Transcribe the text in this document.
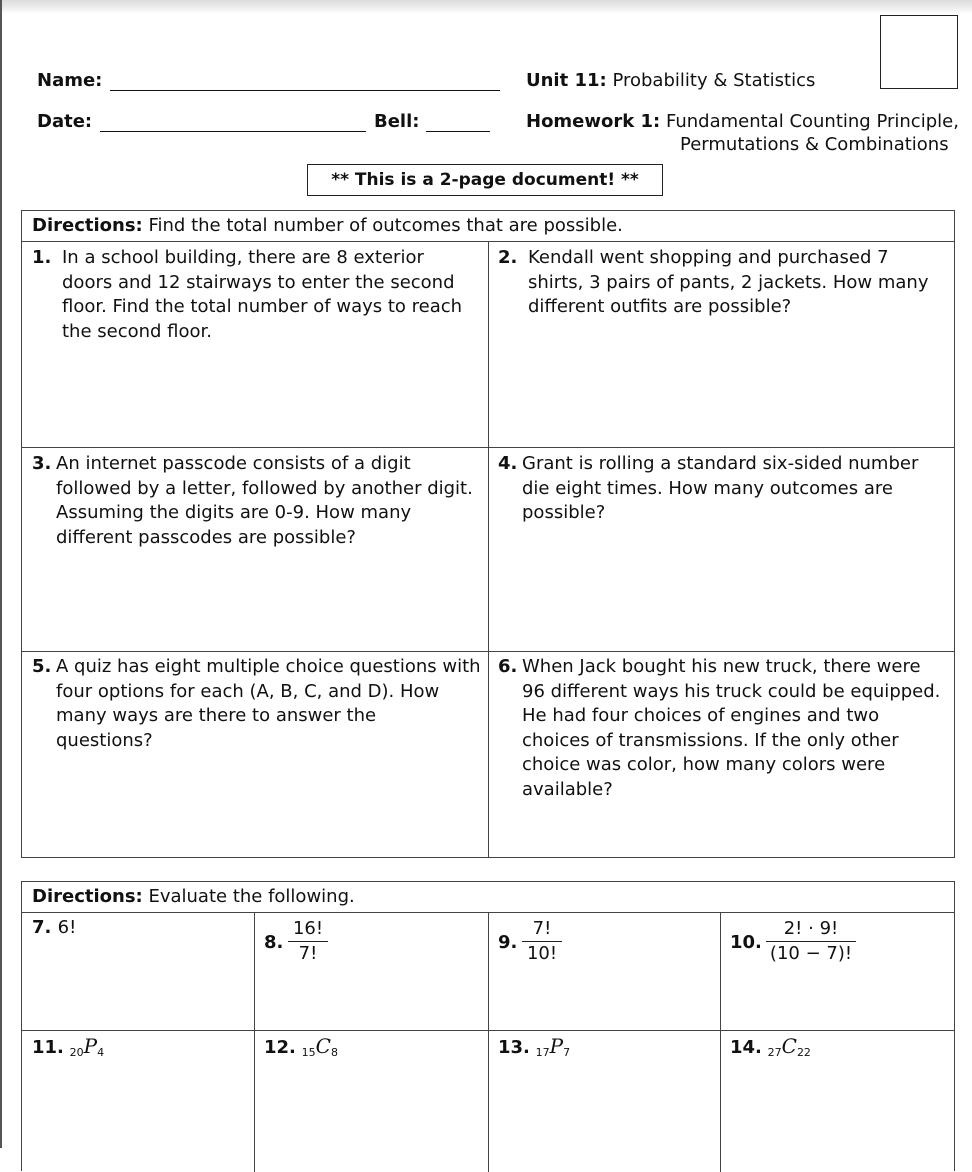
Name:
Date:	Bell:
Unit 11: Probability & Statistics
Homework 1: Fundamental Counting Principle,
Permutations & Combinations
** This is a 2-page document! **
Directions: Find the total number of outcomes that are possible.
1. In a school building, there are 8 exterior
doors and 12 stairways to enter the second
floor. Find the total number of ways to reach
the second floor.
2. Kendall went shopping and purchased 7
shirts, 3 pairs of pants, 2 jackets. How many
different outfits are possible?
3. An internet passcode consists of a digit
followed by a letter, followed by another digit.
Assuming the digits are 0-9. How many
different passcodes are possible?
4. Grant is rolling a standard six-sided number
die eight times. How many outcomes are
possible?
5. A quiz has eight multiple choice questions with
four options for each (A, B, C, and D). How
many ways are there to answer the
questions?
6. When Jack bought his new truck, there were
96 different ways his truck could be equipped.
He had four choices of engines and two
choices of transmissions. If the only other
choice was color, how many colors were
available?
Directions: Evaluate the following.
7. 6!
8.
16!
7!
9.
7!
10!
10.
2! · 9!
(10 − 7)!
11. $_{20}P_4$	12. $_{15}C_8$	13. $_{17}P_7$	14. $_{27}C_{22}$
